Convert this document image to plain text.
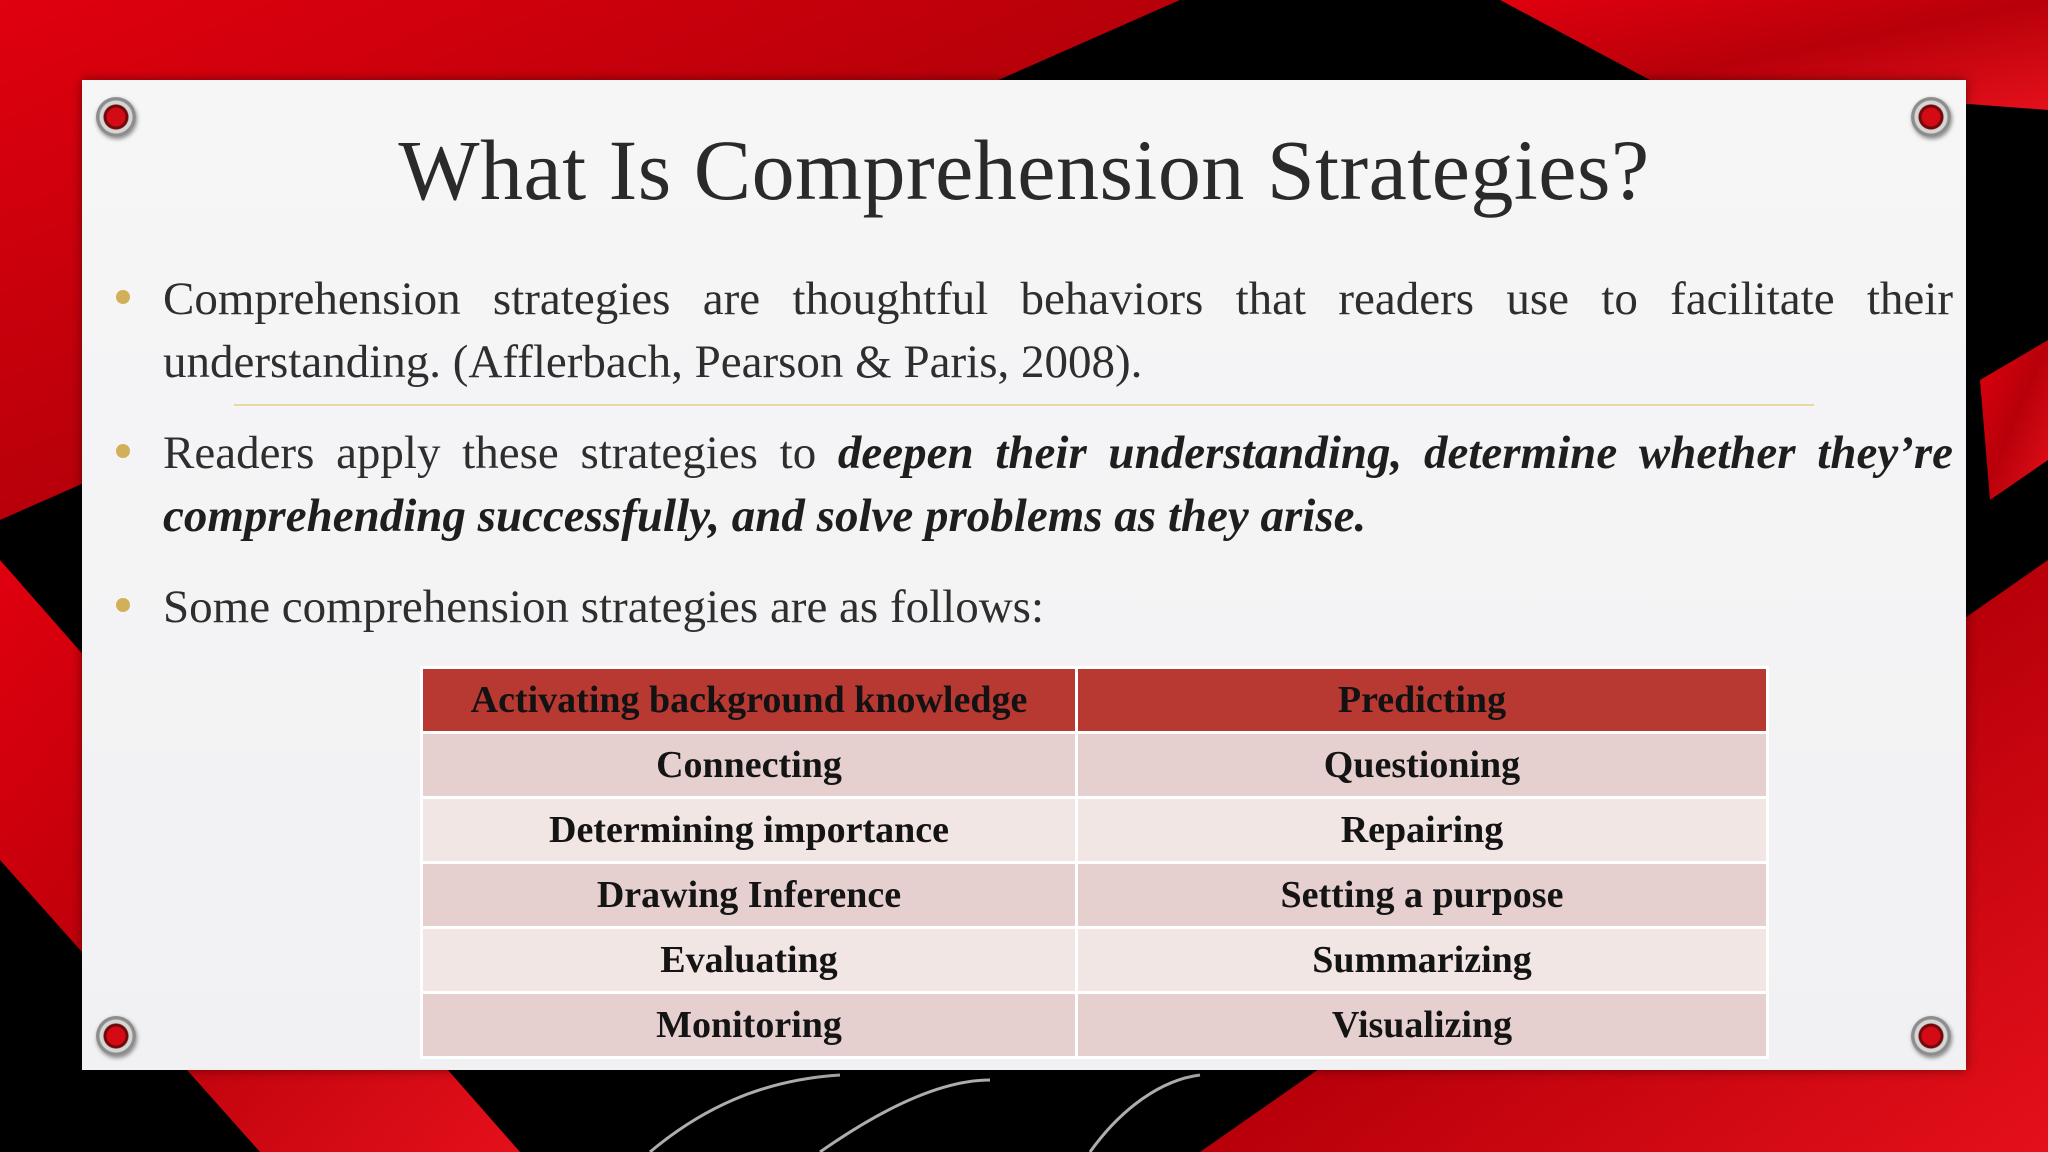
What Is Comprehension Strategies?

Comprehension strategies are thoughtful behaviors that readers use to facilitate their understanding. (Afflerbach, Pearson & Paris, 2008).

Readers apply these strategies to deepen their understanding, determine whether they’re comprehending successfully, and solve problems as they arise.

Some comprehension strategies are as follows:

Activating background knowledge	Predicting
Connecting	Questioning
Determining importance	Repairing
Drawing Inference	Setting a purpose
Evaluating	Summarizing
Monitoring	Visualizing
